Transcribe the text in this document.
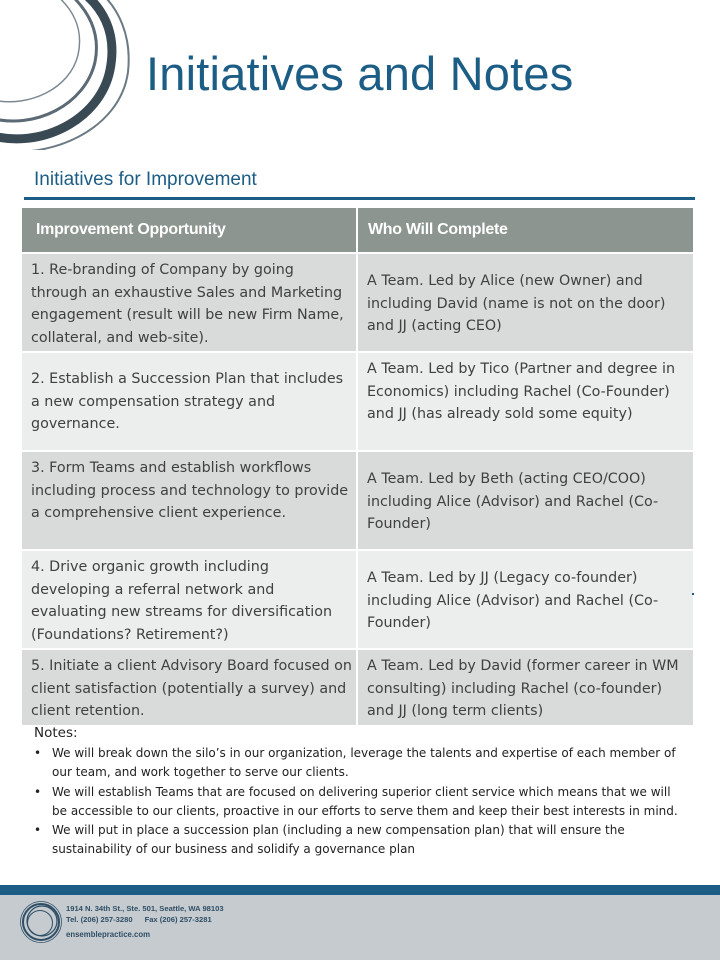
Initiatives and Notes
Initiatives for Improvement
Improvement Opportunity	Who Will Complete
1. Re-branding of Company by going through an exhaustive Sales and Marketing engagement (result will be new Firm Name, collateral, and web-site).	A Team. Led by Alice (new Owner) and including David (name is not on the door) and JJ (acting CEO)
2. Establish a Succession Plan that includes a new compensation strategy and governance.	A Team. Led by Tico (Partner and degree in Economics) including Rachel (Co-Founder) and JJ (has already sold some equity)
3. Form Teams and establish workflows including process and technology to provide a comprehensive client experience.	A Team. Led by Beth (acting CEO/COO) including Alice (Advisor) and Rachel (Co-Founder)
4. Drive organic growth including developing a referral network and evaluating new streams for diversification (Foundations? Retirement?)	A Team. Led by JJ (Legacy co-founder) including Alice (Advisor) and Rachel (Co-Founder)
5. Initiate a client Advisory Board focused on client satisfaction (potentially a survey) and client retention.	A Team. Led by David (former career in WM consulting) including Rachel (co-founder) and JJ (long term clients)
Notes:
• We will break down the silo’s in our organization, leverage the talents and expertise of each member of our team, and work together to serve our clients.
• We will establish Teams that are focused on delivering superior client service which means that we will be accessible to our clients, proactive in our efforts to serve them and keep their best interests in mind.
• We will put in place a succession plan (including a new compensation plan) that will ensure the sustainability of our business and solidify a governance plan
1914 N. 34th St., Ste. 501, Seattle, WA 98103
Tel. (206) 257-3280 Fax (206) 257-3281
ensemblepractice.com
